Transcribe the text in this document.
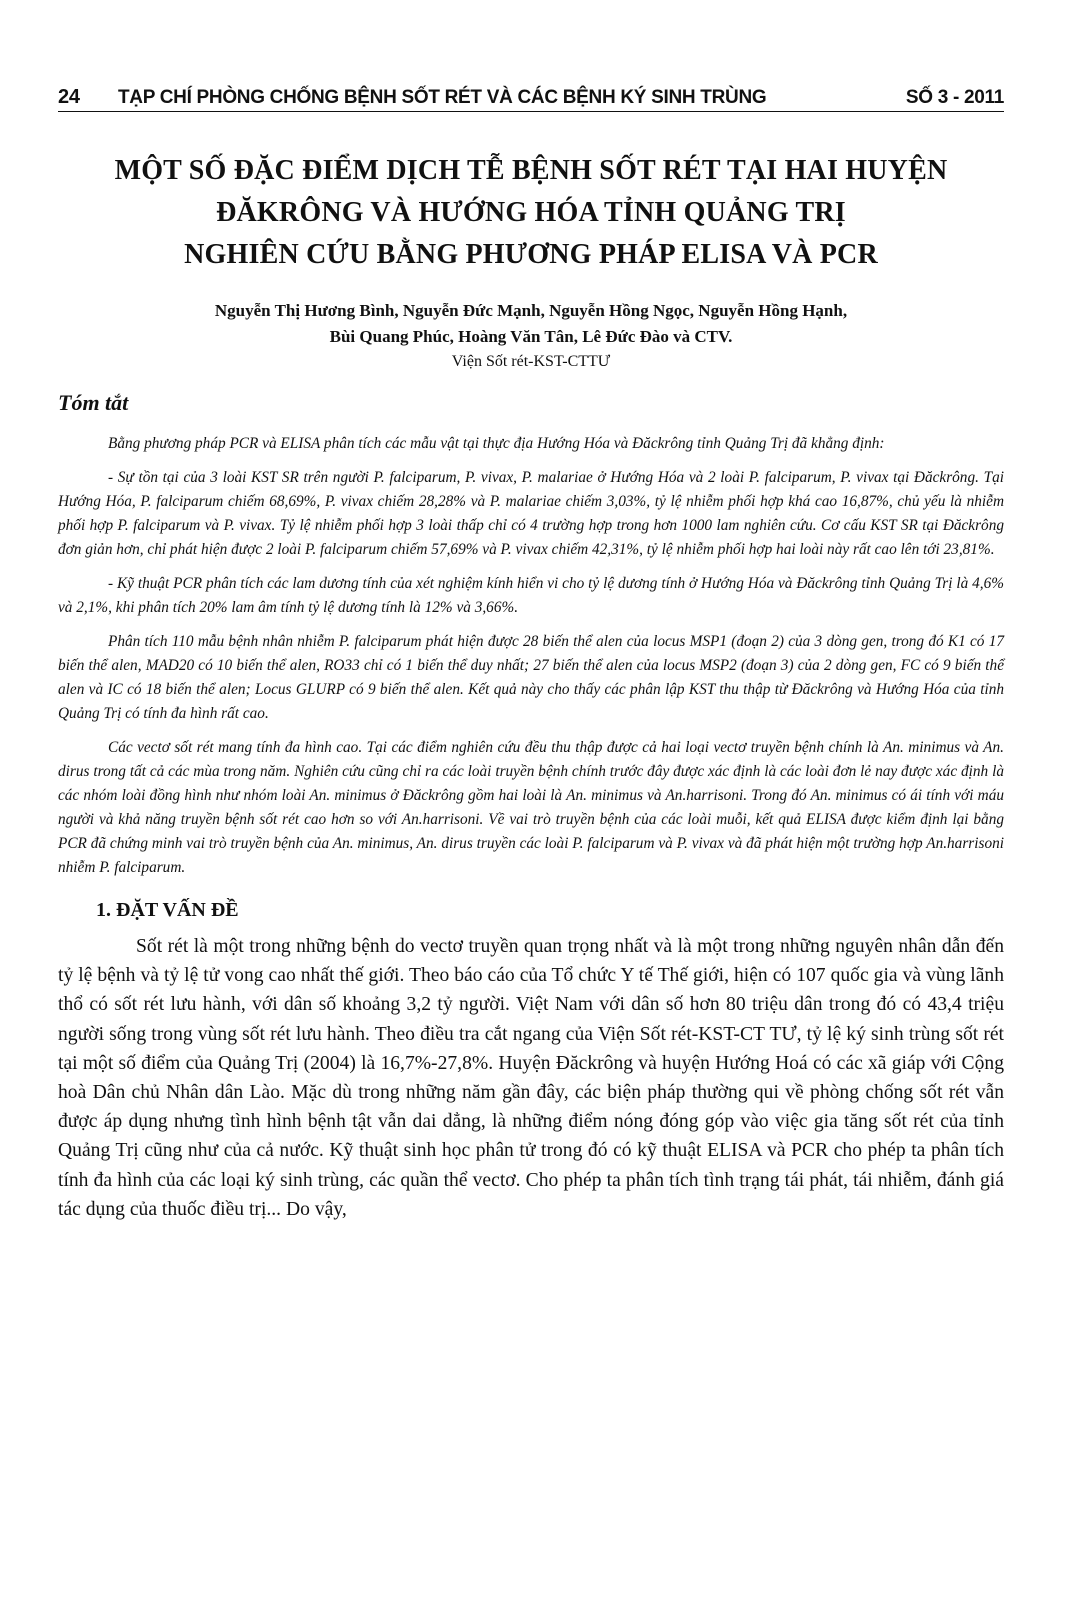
24	TẠP CHÍ PHÒNG CHỐNG BỆNH SỐT RÉT VÀ CÁC BỆNH KÝ SINH TRÙNG	SỐ 3 - 2011
MỘT SỐ ĐẶC ĐIỂM DỊCH TỄ BỆNH SỐT RÉT TẠI HAI HUYỆN
ĐĂKRÔNG VÀ HƯỚNG HÓA TỈNH QUẢNG TRỊ
NGHIÊN CỨU BẰNG PHƯƠNG PHÁP ELISA VÀ PCR
Nguyễn Thị Hương Bình, Nguyễn Đức Mạnh, Nguyễn Hồng Ngọc, Nguyễn Hồng Hạnh,
Bùi Quang Phúc, Hoàng Văn Tân, Lê Đức Đào và CTV.
Viện Sốt rét-KST-CTTƯ
Tóm tắt

Bằng phương pháp PCR và ELISA phân tích các mẫu vật tại thực địa Hướng Hóa và Đăckrông tỉnh Quảng Trị đã khẳng định:

- Sự tồn tại của 3 loài KST SR trên người P. falciparum, P. vivax, P. malariae ở Hướng Hóa và 2 loài P. falciparum, P. vivax tại Đăckrông. Tại Hướng Hóa, P. falciparum chiếm 68,69%, P. vivax chiếm 28,28% và P. malariae chiếm 3,03%, tỷ lệ nhiễm phối hợp khá cao 16,87%, chủ yếu là nhiễm phối hợp P. falciparum và P. vivax. Tỷ lệ nhiễm phối hợp 3 loài thấp chỉ có 4 trường hợp trong hơn 1000 lam nghiên cứu. Cơ cấu KST SR tại Đăckrông đơn giản hơn, chỉ phát hiện được 2 loài P. falciparum chiếm 57,69% và P. vivax chiếm 42,31%, tỷ lệ nhiễm phối hợp hai loài này rất cao lên tới 23,81%.

- Kỹ thuật PCR phân tích các lam dương tính của xét nghiệm kính hiển vi cho tỷ lệ dương tính ở Hướng Hóa và Đăckrông tỉnh Quảng Trị là 4,6% và 2,1%, khi phân tích 20% lam âm tính tỷ lệ dương tính là 12% và 3,66%.

Phân tích 110 mẫu bệnh nhân nhiễm P. falciparum phát hiện được 28 biến thể alen của locus MSP1 (đoạn 2) của 3 dòng gen, trong đó K1 có 17 biến thể alen, MAD20 có 10 biến thể alen, RO33 chỉ có 1 biến thể duy nhất; 27 biến thể alen của locus MSP2 (đoạn 3) của 2 dòng gen, FC có 9 biến thể alen và IC có 18 biến thể alen; Locus GLURP có 9 biến thể alen. Kết quả này cho thấy các phân lập KST thu thập từ Đăckrông và Hướng Hóa của tỉnh Quảng Trị có tính đa hình rất cao.

Các vectơ sốt rét mang tính đa hình cao. Tại các điểm nghiên cứu đều thu thập được cả hai loại vectơ truyền bệnh chính là An. minimus và An. dirus trong tất cả các mùa trong năm. Nghiên cứu cũng chỉ ra các loài truyền bệnh chính trước đây được xác định là các loài đơn lẻ nay được xác định là các nhóm loài đồng hình như nhóm loài An. minimus ở Đăckrông gồm hai loài là An. minimus và An.harrisoni. Trong đó An. minimus có ái tính với máu người và khả năng truyền bệnh sốt rét cao hơn so với An.harrisoni. Về vai trò truyền bệnh của các loài muỗi, kết quả ELISA được kiểm định lại bằng PCR đã chứng minh vai trò truyền bệnh của An. minimus, An. dirus truyền các loài P. falciparum và P. vivax và đã phát hiện một trường hợp An.harrisoni nhiễm P. falciparum.

1. ĐẶT VẤN ĐỀ

Sốt rét là một trong những bệnh do vectơ truyền quan trọng nhất và là một trong những nguyên nhân dẫn đến tỷ lệ bệnh và tỷ lệ tử vong cao nhất thế giới. Theo báo cáo của Tổ chức Y tế Thế giới, hiện có 107 quốc gia và vùng lãnh thổ có sốt rét lưu hành, với dân số khoảng 3,2 tỷ người. Việt Nam với dân số hơn 80 triệu dân trong đó có 43,4 triệu người sống trong vùng sốt rét lưu hành. Theo điều tra cắt ngang của Viện Sốt rét-KST-CT TƯ, tỷ lệ ký sinh trùng sốt rét tại một số điểm của Quảng Trị (2004) là 16,7%-27,8%. Huyện Đăckrông và huyện Hướng Hoá có các xã giáp với Cộng hoà Dân chủ Nhân dân Lào. Mặc dù trong những năm gần đây, các biện pháp thường qui về phòng chống sốt rét vẫn được áp dụng nhưng tình hình bệnh tật vẫn dai dẳng, là những điểm nóng đóng góp vào việc gia tăng sốt rét của tỉnh Quảng Trị cũng như của cả nước. Kỹ thuật sinh học phân tử trong đó có kỹ thuật ELISA và PCR cho phép ta phân tích tính đa hình của các loại ký sinh trùng, các quần thể vectơ. Cho phép ta phân tích tình trạng tái phát, tái nhiễm, đánh giá tác dụng của thuốc điều trị... Do vậy,
